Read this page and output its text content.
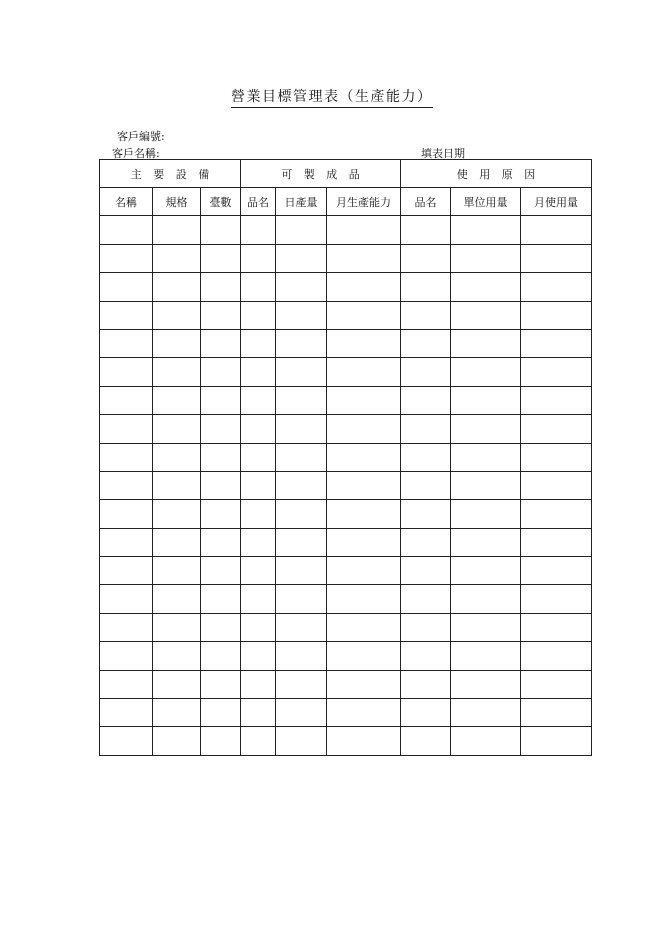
營業目標管理表（生產能力）
客戶編號:
客戶名稱:	填表日期
主 要 設 備			可 製 成 品			使 用 原 因		
名稱	規格	臺數	品名	日產量	月生產能力	品名	單位用量	月使用量
